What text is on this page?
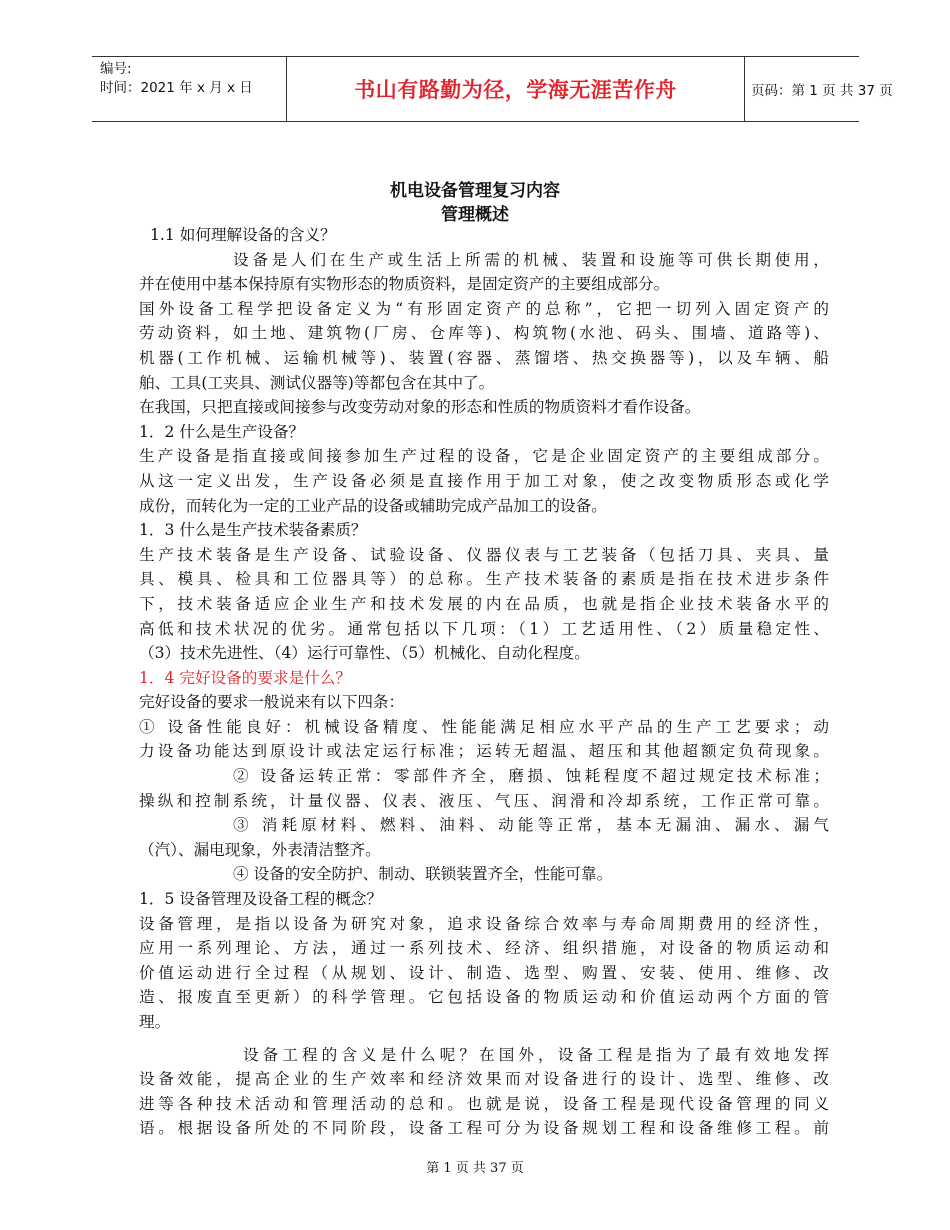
编号:
时间：2021 年 x 月 x 日	书山有路勤为径，学海无涯苦作舟	页码：第 1 页 共 37 页
机电设备管理复习内容
管理概述

1.1 如何理解设备的含义？

设备是人们在生产或生活上所需的机械、装置和设施等可供长期使用，

并在使用中基本保持原有实物形态的物质资料，是固定资产的主要组成部分。

国外设备工程学把设备定义为“有形固定资产的总称”，它把一切列入固定资产的

劳动资料，如土地、建筑物(厂房、仓库等)、构筑物(水池、码头、围墙、道路等)、

机器(工作机械、运输机械等)、装置(容器、蒸馏塔、热交换器等)，以及车辆、船

舶、工具(工夹具、测试仪器等)等都包含在其中了。

在我国，只把直接或间接参与改变劳动对象的形态和性质的物质资料才看作设备。

1．2 什么是生产设备？

生产设备是指直接或间接参加生产过程的设备，它是企业固定资产的主要组成部分。

从这一定义出发，生产设备必须是直接作用于加工对象，使之改变物质形态或化学

成份，而转化为一定的工业产品的设备或辅助完成产品加工的设备。

1．3 什么是生产技术装备素质？

生产技术装备是生产设备、试验设备、仪器仪表与工艺装备（包括刀具、夹具、量

具、模具、检具和工位器具等）的总称。生产技术装备的素质是指在技术进步条件

下，技术装备适应企业生产和技术发展的内在品质，也就是指企业技术装备水平的

高低和技术状况的优劣。通常包括以下几项：（1）工艺适用性、（2）质量稳定性、

（3）技术先进性、（4）运行可靠性、（5）机械化、自动化程度。

1．4 完好设备的要求是什么？

完好设备的要求一般说来有以下四条：

① 设备性能良好：机械设备精度、性能能满足相应水平产品的生产工艺要求；动

力设备功能达到原设计或法定运行标准；运转无超温、超压和其他超额定负荷现象。

② 设备运转正常：零部件齐全，磨损、蚀耗程度不超过规定技术标准；

操纵和控制系统，计量仪器、仪表、液压、气压、润滑和冷却系统，工作正常可靠。

③ 消耗原材料、燃料、油料、动能等正常，基本无漏油、漏水、漏气

（汽）、漏电现象，外表清洁整齐。

④ 设备的安全防护、制动、联锁装置齐全，性能可靠。

1．5 设备管理及设备工程的概念？

设备管理，是指以设备为研究对象，追求设备综合效率与寿命周期费用的经济性，

应用一系列理论、方法，通过一系列技术、经济、组织措施，对设备的物质运动和

价值运动进行全过程（从规划、设计、制造、选型、购置、安装、使用、维修、改

造、报废直至更新）的科学管理。它包括设备的物质运动和价值运动两个方面的管

理。

设备工程的含义是什么呢？在国外，设备工程是指为了最有效地发挥

设备效能，提高企业的生产效率和经济效果而对设备进行的设计、选型、维修、改

进等各种技术活动和管理活动的总和。也就是说，设备工程是现代设备管理的同义

语。根据设备所处的不同阶段，设备工程可分为设备规划工程和设备维修工程。前

第 1 页 共 37 页
